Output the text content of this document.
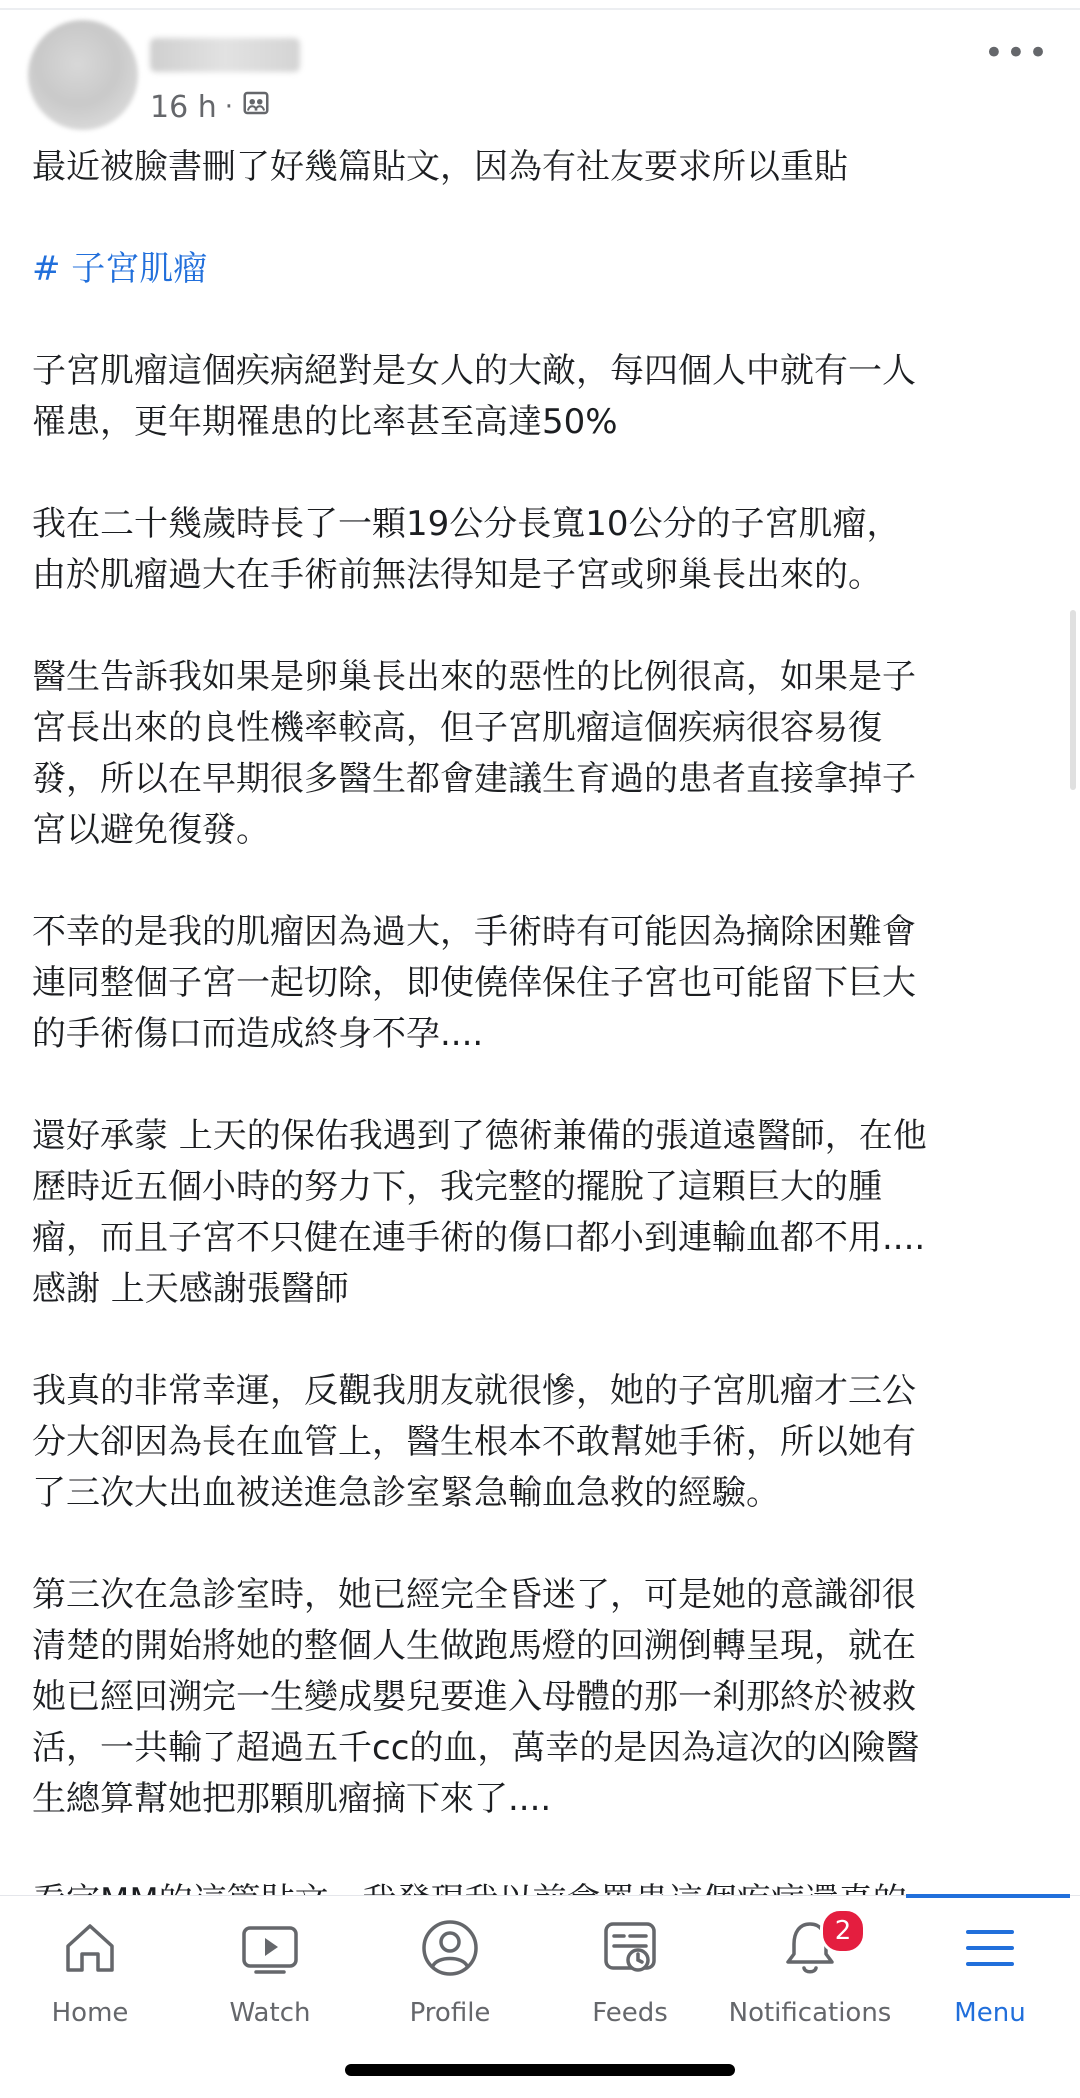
16 h ·
•••

最近被臉書刪了好幾篇貼文，因為有社友要求所以重貼

# 子宮肌瘤

子宮肌瘤這個疾病絕對是女人的大敵，每四個人中就有一人
罹患，更年期罹患的比率甚至高達50%

我在二十幾歲時長了一顆19公分長寬10公分的子宮肌瘤，
由於肌瘤過大在手術前無法得知是子宮或卵巢長出來的。

醫生告訴我如果是卵巢長出來的惡性的比例很高，如果是子
宮長出來的良性機率較高，但子宮肌瘤這個疾病很容易復
發，所以在早期很多醫生都會建議生育過的患者直接拿掉子
宮以避免復發。

不幸的是我的肌瘤因為過大，手術時有可能因為摘除困難會
連同整個子宮一起切除，即使僥倖保住子宮也可能留下巨大
的手術傷口而造成終身不孕....

還好承蒙 上天的保佑我遇到了德術兼備的張道遠醫師，在他
歷時近五個小時的努力下，我完整的擺脫了這顆巨大的腫
瘤，而且子宮不只健在連手術的傷口都小到連輸血都不用....
感謝 上天感謝張醫師

我真的非常幸運，反觀我朋友就很慘，她的子宮肌瘤才三公
分大卻因為長在血管上，醫生根本不敢幫她手術，所以她有
了三次大出血被送進急診室緊急輸血急救的經驗。

第三次在急診室時，她已經完全昏迷了，可是她的意識卻很
清楚的開始將她的整個人生做跑馬燈的回溯倒轉呈現，就在
她已經回溯完一生變成嬰兒要進入母體的那一剎那終於被救
活，一共輸了超過五千cc的血，萬幸的是因為這次的凶險醫
生總算幫她把那顆肌瘤摘下來了....

Home	Watch	Profile	Feeds
2
Notifications Menu
